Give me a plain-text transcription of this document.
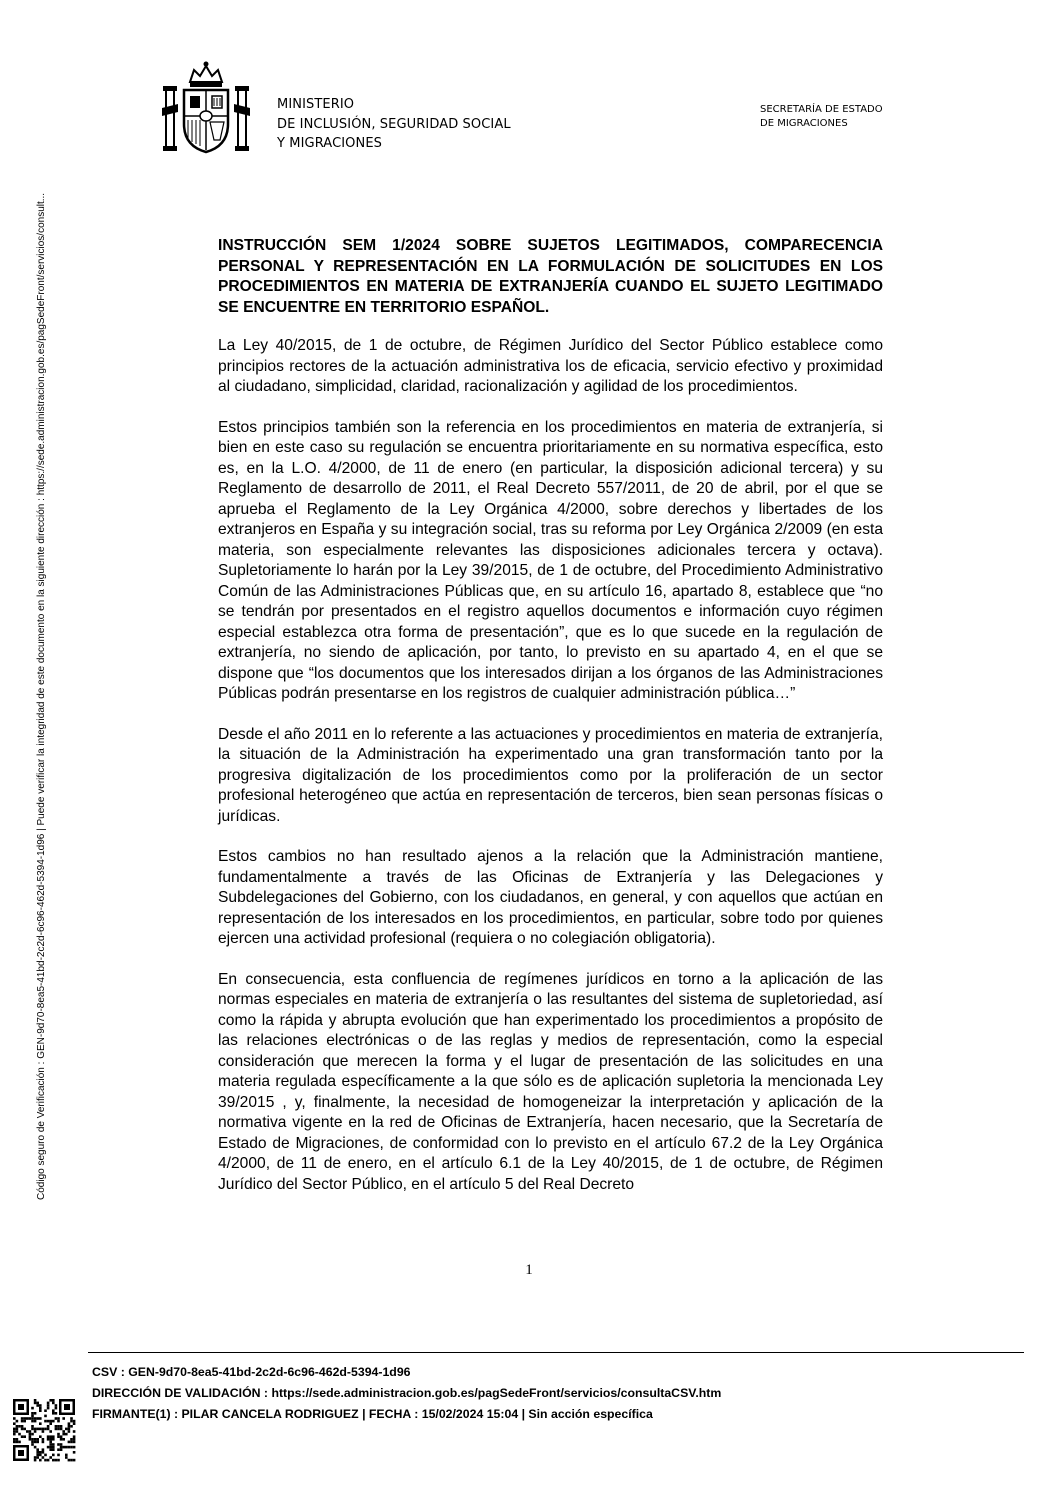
MINISTERIO
DE INCLUSIÓN, SEGURIDAD SOCIAL
Y MIGRACIONES
SECRETARÍA DE ESTADO
DE MIGRACIONES
Código seguro de Verificación : GEN-9d70-8ea5-41bd-2c2d-6c96-462d-5394-1d96 | Puede verificar la integridad de este documento en la siguiente dirección : https://sede.administracion.gob.es/pagSedeFront/servicios/consult...	INSTRUCCIÓN SEM 1/2024 SOBRE SUJETOS LEGITIMADOS, COMPARECENCIA PERSONAL Y REPRESENTACIÓN EN LA FORMULACIÓN DE SOLICITUDES EN LOS PROCEDIMIENTOS EN MATERIA DE EXTRANJERÍA CUANDO EL SUJETO LEGITIMADO SE ENCUENTRE EN TERRITORIO ESPAÑOL.

La Ley 40/2015, de 1 de octubre, de Régimen Jurídico del Sector Público establece como principios rectores de la actuación administrativa los de eficacia, servicio efectivo y proximidad al ciudadano, simplicidad, claridad, racionalización y agilidad de los procedimientos.

Estos principios también son la referencia en los procedimientos en materia de extranjería, si bien en este caso su regulación se encuentra prioritariamente en su normativa específica, esto es, en la L.O. 4/2000, de 11 de enero (en particular, la disposición adicional tercera) y su Reglamento de desarrollo de 2011, el Real Decreto 557/2011, de 20 de abril, por el que se aprueba el Reglamento de la Ley Orgánica 4/2000, sobre derechos y libertades de los extranjeros en España y su integración social, tras su reforma por Ley Orgánica 2/2009 (en esta materia, son especialmente relevantes las disposiciones adicionales tercera y octava). Supletoriamente lo harán por la Ley 39/2015, de 1 de octubre, del Procedimiento Administrativo Común de las Administraciones Públicas que, en su artículo 16, apartado 8, establece que “no se tendrán por presentados en el registro aquellos documentos e información cuyo régimen especial establezca otra forma de presentación”, que es lo que sucede en la regulación de extranjería, no siendo de aplicación, por tanto, lo previsto en su apartado 4, en el que se dispone que “los documentos que los interesados dirijan a los órganos de las Administraciones Públicas podrán presentarse en los registros de cualquier administración pública…”

Desde el año 2011 en lo referente a las actuaciones y procedimientos en materia de extranjería, la situación de la Administración ha experimentado una gran transformación tanto por la progresiva digitalización de los procedimientos como por la proliferación de un sector profesional heterogéneo que actúa en representación de terceros, bien sean personas físicas o jurídicas.

Estos cambios no han resultado ajenos a la relación que la Administración mantiene, fundamentalmente a través de las Oficinas de Extranjería y las Delegaciones y Subdelegaciones del Gobierno, con los ciudadanos, en general, y con aquellos que actúan en representación de los interesados en los procedimientos, en particular, sobre todo por quienes ejercen una actividad profesional (requiera o no colegiación obligatoria).

En consecuencia, esta confluencia de regímenes jurídicos en torno a la aplicación de las normas especiales en materia de extranjería o las resultantes del sistema de supletoriedad, así como la rápida y abrupta evolución que han experimentado los procedimientos a propósito de las relaciones electrónicas o de las reglas y medios de representación, como la especial consideración que merecen la forma y el lugar de presentación de las solicitudes en una materia regulada específicamente a la que sólo es de aplicación supletoria la mencionada Ley 39/2015 , y, finalmente, la necesidad de homogeneizar la interpretación y aplicación de la normativa vigente en la red de Oficinas de Extranjería, hacen necesario, que la Secretaría de Estado de Migraciones, de conformidad con lo previsto en el artículo 67.2 de la Ley Orgánica 4/2000, de 11 de enero, en el artículo 6.1 de la Ley 40/2015, de 1 de octubre, de Régimen Jurídico del Sector Público, en el artículo 5 del Real Decreto

1
CSV : GEN-9d70-8ea5-41bd-2c2d-6c96-462d-5394-1d96
DIRECCIÓN DE VALIDACIÓN : https://sede.administracion.gob.es/pagSedeFront/servicios/consultaCSV.htm
FIRMANTE(1) : PILAR CANCELA RODRIGUEZ | FECHA : 15/02/2024 15:04 | Sin acción específica
